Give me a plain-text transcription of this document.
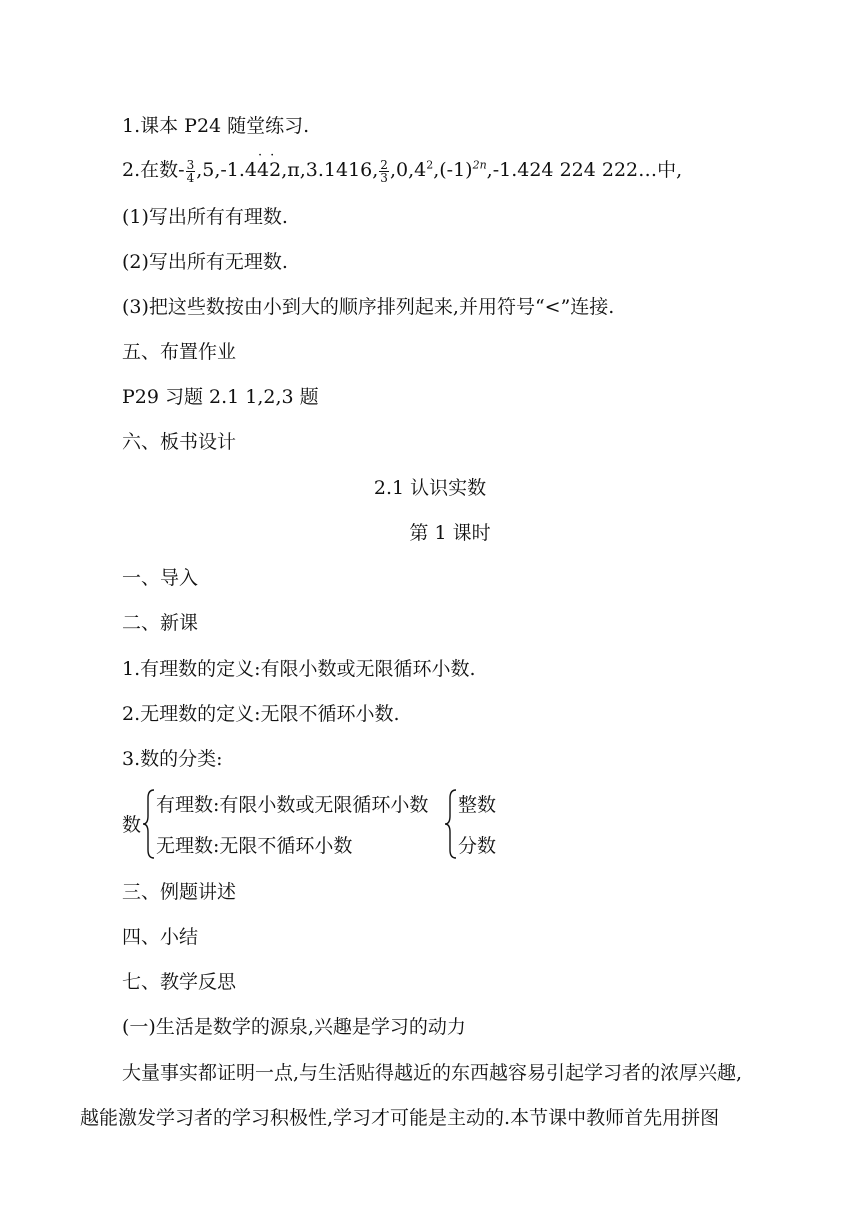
1.课本 P24 随堂练习.
2.在数- $\frac{3}{4} ,5,-1.4\cdot 4\cdot 2,\pi,3.1416$, $\frac{2}{3} ,0,4^2,(-1)^{2n},-1.424$ 224 222…中,
(1)写出所有有理数.
(2)写出所有无理数.
(3)把这些数按由小到大的顺序排列起来,并用符号“<”连接.
五、布置作业
P29 习题 2.1 1,2,3 题
六、板书设计
2.1 认识实数
第 1 课时
一、导入
二、新课
1.有理数的定义:有限小数或无限循环小数.
2.无理数的定义:无限不循环小数.
3.数的分类:
数
有理数:有限小数或无限循环小数
无理数:无限不循环小数
整数
分数
三、例题讲述
四、小结
七、教学反思
(一)生活是数学的源泉,兴趣是学习的动力
大量事实都证明一点,与生活贴得越近的东西越容易引起学习者的浓厚兴趣,
越能激发学习者的学习积极性,学习才可能是主动的.本节课中教师首先用拼图
